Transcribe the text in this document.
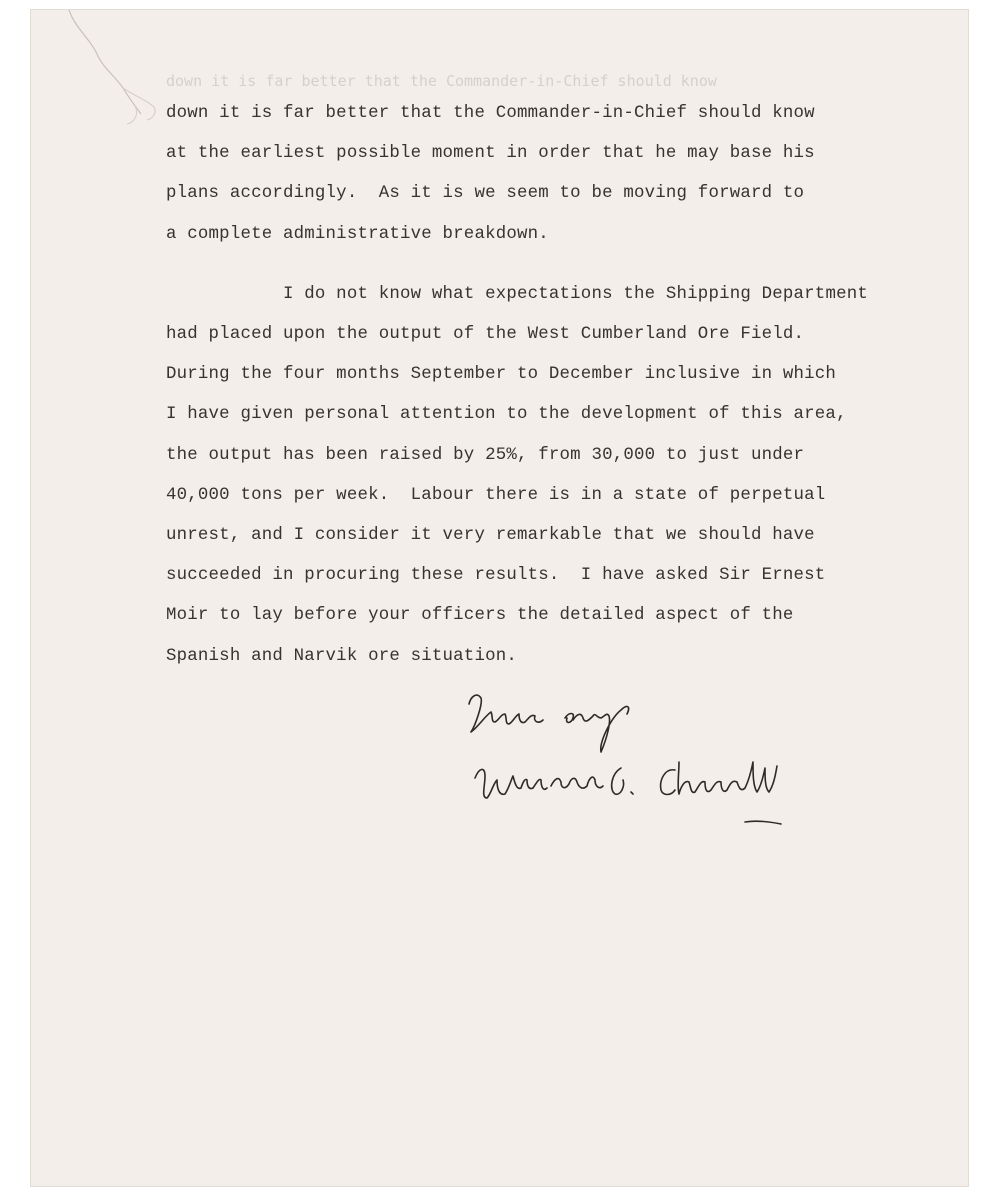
down it is far better that the Commander-in-Chief should know

down it is far better that the Commander-in-Chief should know
at the earliest possible moment in order that he may base his
plans accordingly.  As it is we seem to be moving forward to
a complete administrative breakdown.

I do not know what expectations the Shipping Department
had placed upon the output of the West Cumberland Ore Field.
During the four months September to December inclusive in which
I have given personal attention to the development of this area,
the output has been raised by 25%, from 30,000 to just under
40,000 tons per week.  Labour there is in a state of perpetual
unrest, and I consider it very remarkable that we should have
succeeded in procuring these results.  I have asked Sir Ernest
Moir to lay before your officers the detailed aspect of the
Spanish and Narvik ore situation.
